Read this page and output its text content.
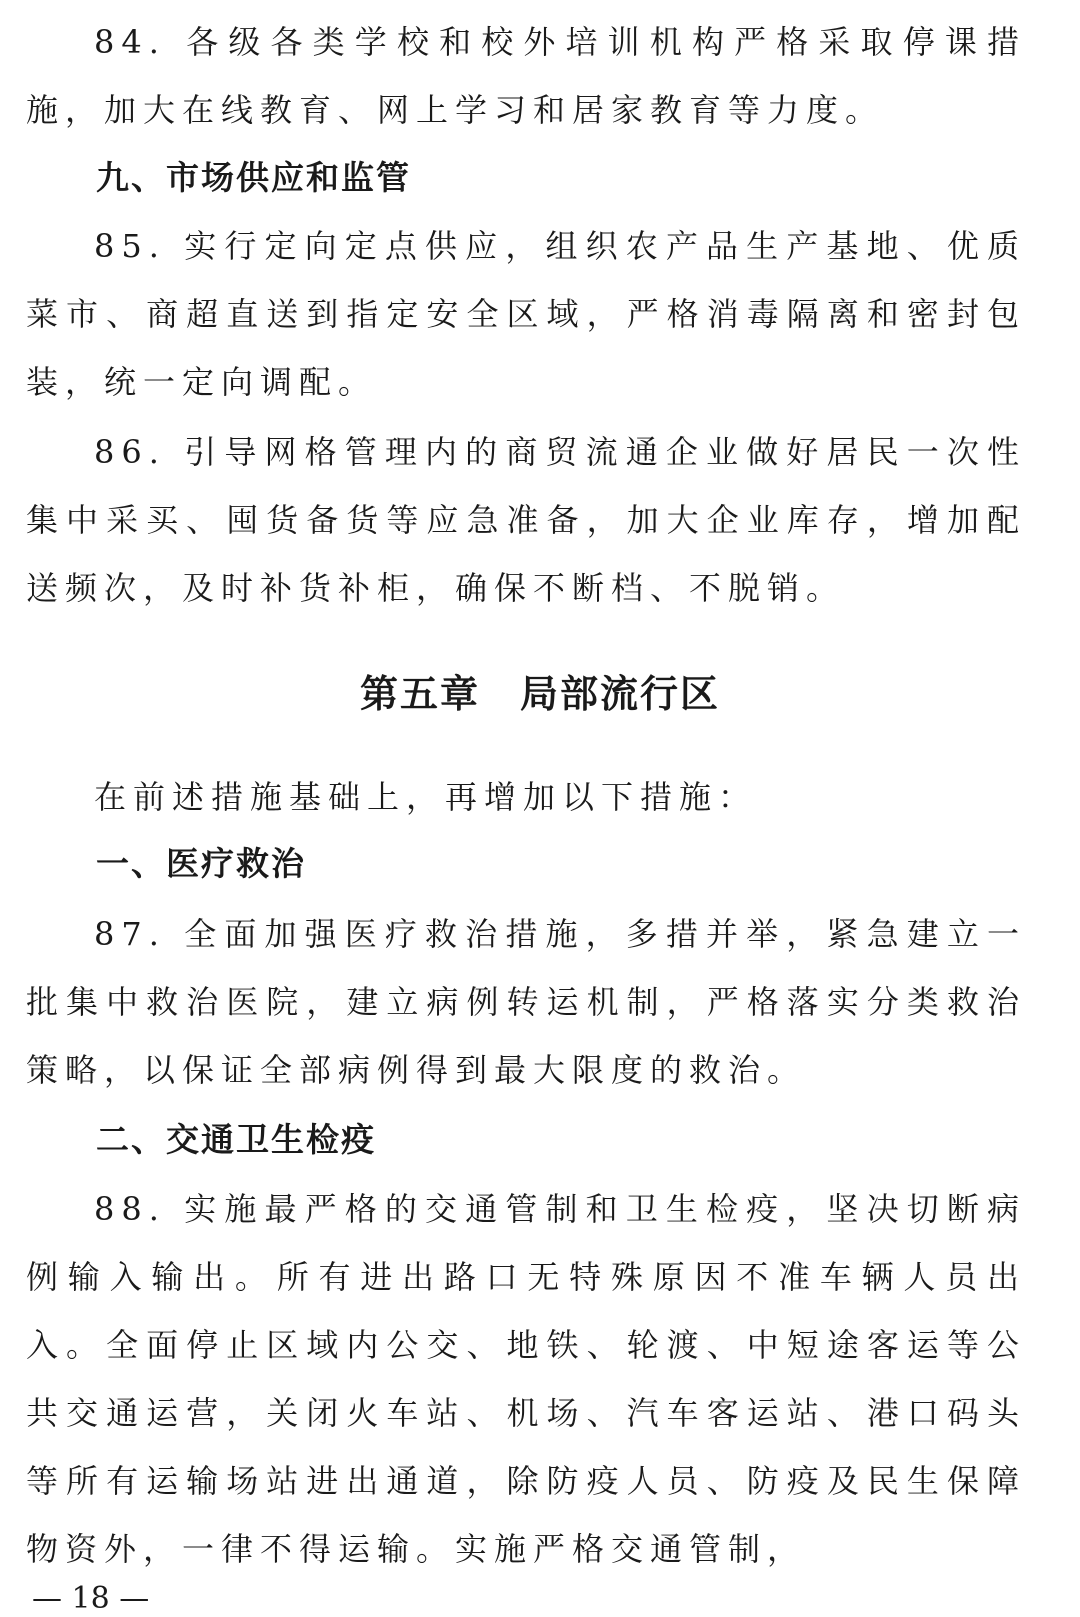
84. 各级各类学校和校外培训机构严格采取停课措施，加大在线教育、网上学习和居家教育等力度。

九、市场供应和监管

85. 实行定向定点供应，组织农产品生产基地、优质菜市、商超直送到指定安全区域，严格消毒隔离和密封包装，统一定向调配。

86. 引导网格管理内的商贸流通企业做好居民一次性集中采买、囤货备货等应急准备，加大企业库存，增加配送频次，及时补货补柜，确保不断档、不脱销。

第五章　局部流行区

在前述措施基础上，再增加以下措施：

一、医疗救治

87. 全面加强医疗救治措施，多措并举，紧急建立一批集中救治医院，建立病例转运机制，严格落实分类救治策略，以保证全部病例得到最大限度的救治。

二、交通卫生检疫

88. 实施最严格的交通管制和卫生检疫，坚决切断病例输入输出。所有进出路口无特殊原因不准车辆人员出入。全面停止区域内公交、地铁、轮渡、中短途客运等公共交通运营，关闭火车站、机场、汽车客运站、港口码头等所有运输场站进出通道，除防疫人员、防疫及民生保障物资外，一律不得运输。实施严格交通管制，

— 18 —
